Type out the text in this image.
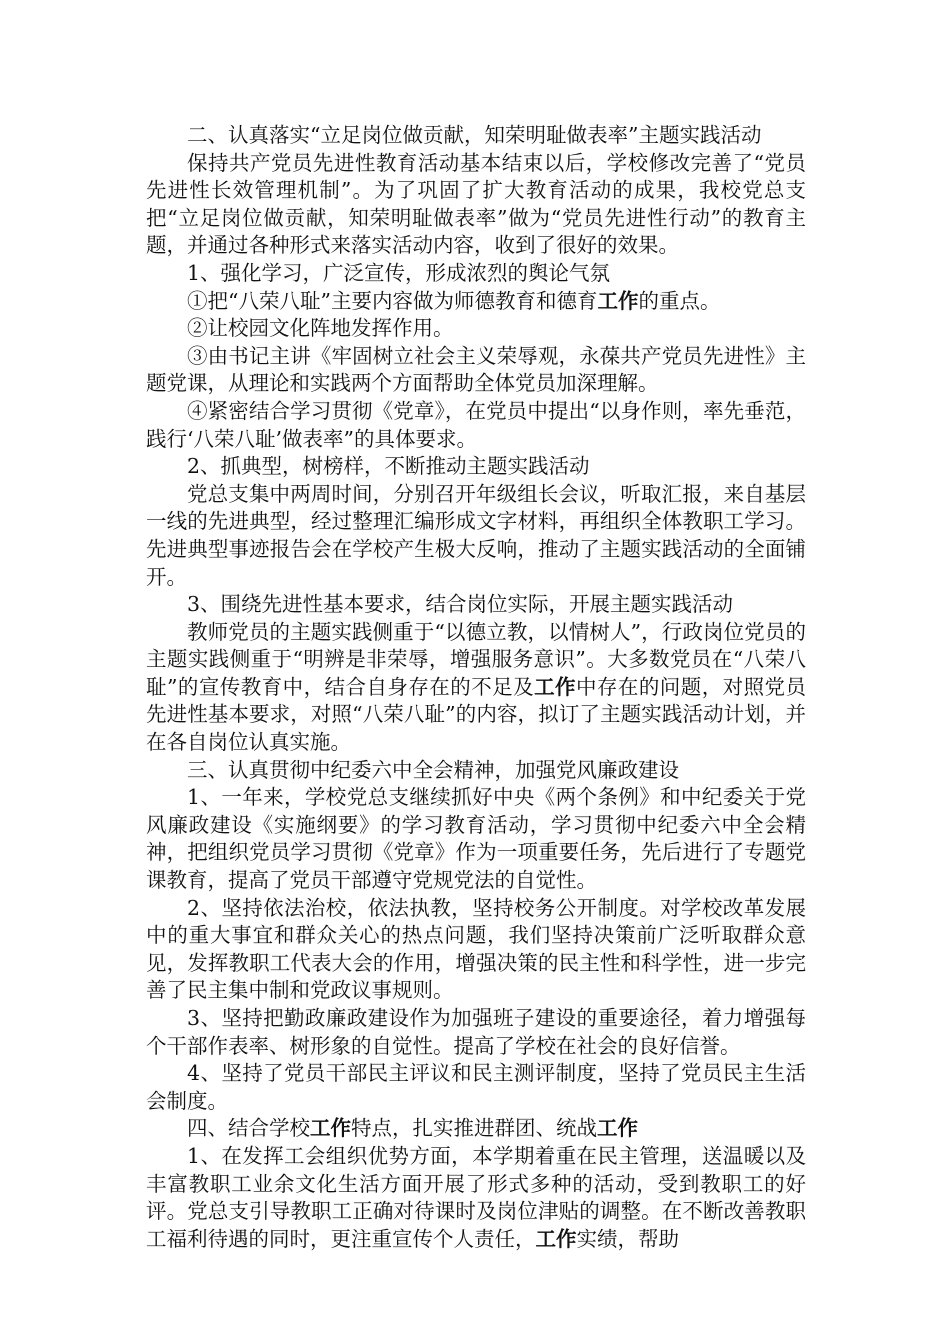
二、认真落实“立足岗位做贡献，知荣明耻做表率”主题实践活动

保持共产党员先进性教育活动基本结束以后，学校修改完善了“党员先进性长效管理机制”。为了巩固了扩大教育活动的成果，我校党总支把“立足岗位做贡献，知荣明耻做表率”做为“党员先进性行动”的教育主题，并通过各种形式来落实活动内容，收到了很好的效果。

1、强化学习，广泛宣传，形成浓烈的舆论气氛

①把“八荣八耻”主要内容做为师德教育和德育工作的重点。

②让校园文化阵地发挥作用。

③由书记主讲《牢固树立社会主义荣辱观，永葆共产党员先进性》主题党课，从理论和实践两个方面帮助全体党员加深理解。

④紧密结合学习贯彻《党章》，在党员中提出“以身作则，率先垂范，践行‘八荣八耻’做表率”的具体要求。

2、抓典型，树榜样，不断推动主题实践活动

党总支集中两周时间，分别召开年级组长会议，听取汇报，来自基层一线的先进典型，经过整理汇编形成文字材料，再组织全体教职工学习。先进典型事迹报告会在学校产生极大反响，推动了主题实践活动的全面铺开。

3、围绕先进性基本要求，结合岗位实际，开展主题实践活动

教师党员的主题实践侧重于“以德立教，以情树人”，行政岗位党员的主题实践侧重于“明辨是非荣辱，增强服务意识”。大多数党员在“八荣八耻”的宣传教育中，结合自身存在的不足及工作中存在的问题，对照党员先进性基本要求，对照“八荣八耻”的内容，拟订了主题实践活动计划，并在各自岗位认真实施。

三、认真贯彻中纪委六中全会精神，加强党风廉政建设

1、一年来，学校党总支继续抓好中央《两个条例》和中纪委关于党风廉政建设《实施纲要》的学习教育活动，学习贯彻中纪委六中全会精神，把组织党员学习贯彻《党章》作为一项重要任务，先后进行了专题党课教育，提高了党员干部遵守党规党法的自觉性。

2、坚持依法治校，依法执教，坚持校务公开制度。对学校改革发展中的重大事宜和群众关心的热点问题，我们坚持决策前广泛听取群众意见，发挥教职工代表大会的作用，增强决策的民主性和科学性，进一步完善了民主集中制和党政议事规则。

3、坚持把勤政廉政建设作为加强班子建设的重要途径，着力增强每个干部作表率、树形象的自觉性。提高了学校在社会的良好信誉。

4、坚持了党员干部民主评议和民主测评制度，坚持了党员民主生活会制度。

四、结合学校工作特点，扎实推进群团、统战工作

1、在发挥工会组织优势方面，本学期着重在民主管理，送温暖以及丰富教职工业余文化生活方面开展了形式多种的活动，受到教职工的好评。党总支引导教职工正确对待课时及岗位津贴的调整。在不断改善教职工福利待遇的同时，更注重宣传个人责任，工作实绩，帮助
